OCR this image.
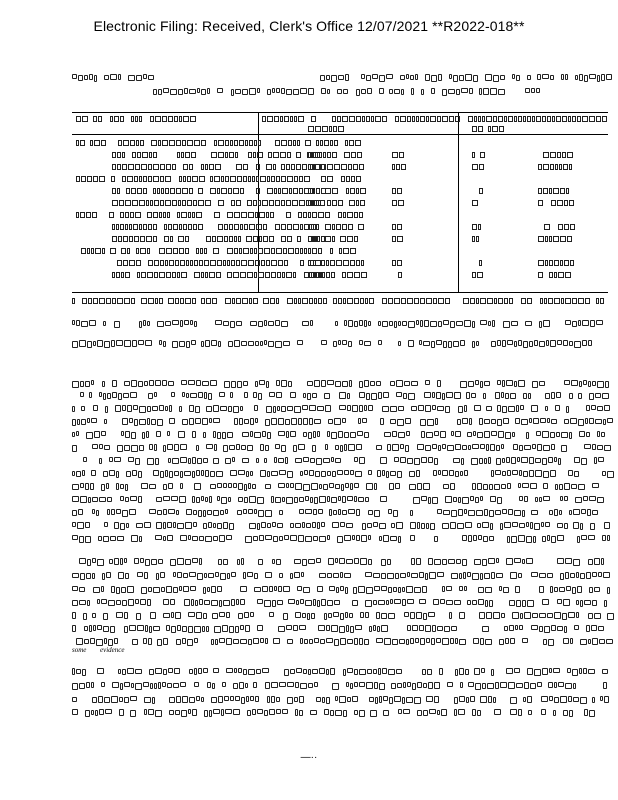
Electronic Filing: Received, Clerk's Office 12/07/2021 **R2022-018**
some evidence
—··
